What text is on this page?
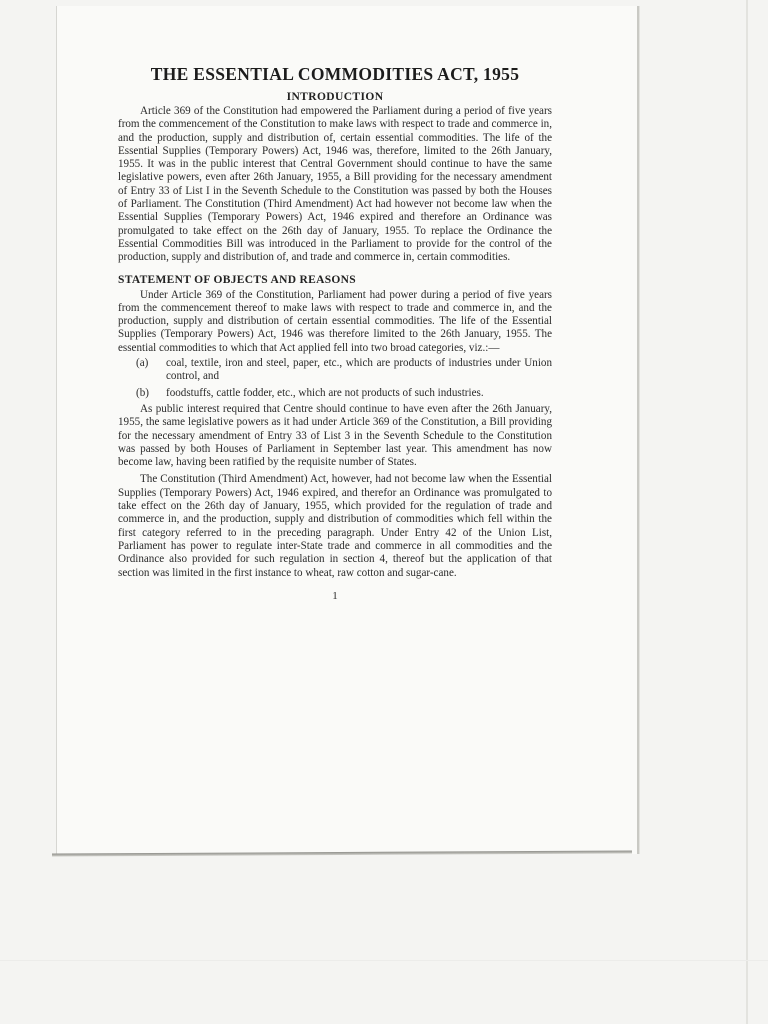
THE ESSENTIAL COMMODITIES ACT, 1955
INTRODUCTION

Article 369 of the Constitution had empowered the Parliament during a period of five years from the commencement of the Constitution to make laws with respect to trade and commerce in, and the production, supply and distribution of, certain essential commodities. The life of the Essential Supplies (Temporary Powers) Act, 1946 was, therefore, limited to the 26th January, 1955. It was in the public interest that Central Government should continue to have the same legislative powers, even after 26th January, 1955, a Bill providing for the necessary amendment of Entry 33 of List I in the Seventh Schedule to the Constitution was passed by both the Houses of Parliament. The Constitution (Third Amendment) Act had however not become law when the Essential Supplies (Temporary Powers) Act, 1946 expired and therefore an Ordinance was promulgated to take effect on the 26th day of January, 1955. To replace the Ordinance the Essential Commodities Bill was introduced in the Parliament to provide for the control of the production, supply and distribution of, and trade and commerce in, certain commodities.

STATEMENT OF OBJECTS AND REASONS

Under Article 369 of the Constitution, Parliament had power during a period of five years from the commencement thereof to make laws with respect to trade and commerce in, and the production, supply and distribution of certain essential commodities. The life of the Essential Supplies (Temporary Powers) Act, 1946 was therefore limited to the 26th January, 1955. The essential commodities to which that Act applied fell into two broad categories, viz.:—

(a)	coal, textile, iron and steel, paper, etc., which are products of industries under Union control, and
(b)	foodstuffs, cattle fodder, etc., which are not products of such industries.

As public interest required that Centre should continue to have even after the 26th January, 1955, the same legislative powers as it had under Article 369 of the Constitution, a Bill providing for the necessary amendment of Entry 33 of List 3 in the Seventh Schedule to the Constitution was passed by both Houses of Parliament in September last year. This amendment has now become law, having been ratified by the requisite number of States.

The Constitution (Third Amendment) Act, however, had not become law when the Essential Supplies (Temporary Powers) Act, 1946 expired, and therefor an Ordinance was promulgated to take effect on the 26th day of January, 1955, which provided for the regulation of trade and commerce in, and the production, supply and distribution of commodities which fell within the first category referred to in the preceding paragraph. Under Entry 42 of the Union List, Parliament has power to regulate inter-State trade and commerce in all commodities and the Ordinance also provided for such regulation in section 4, thereof but the application of that section was limited in the first instance to wheat, raw cotton and sugar-cane.

1
